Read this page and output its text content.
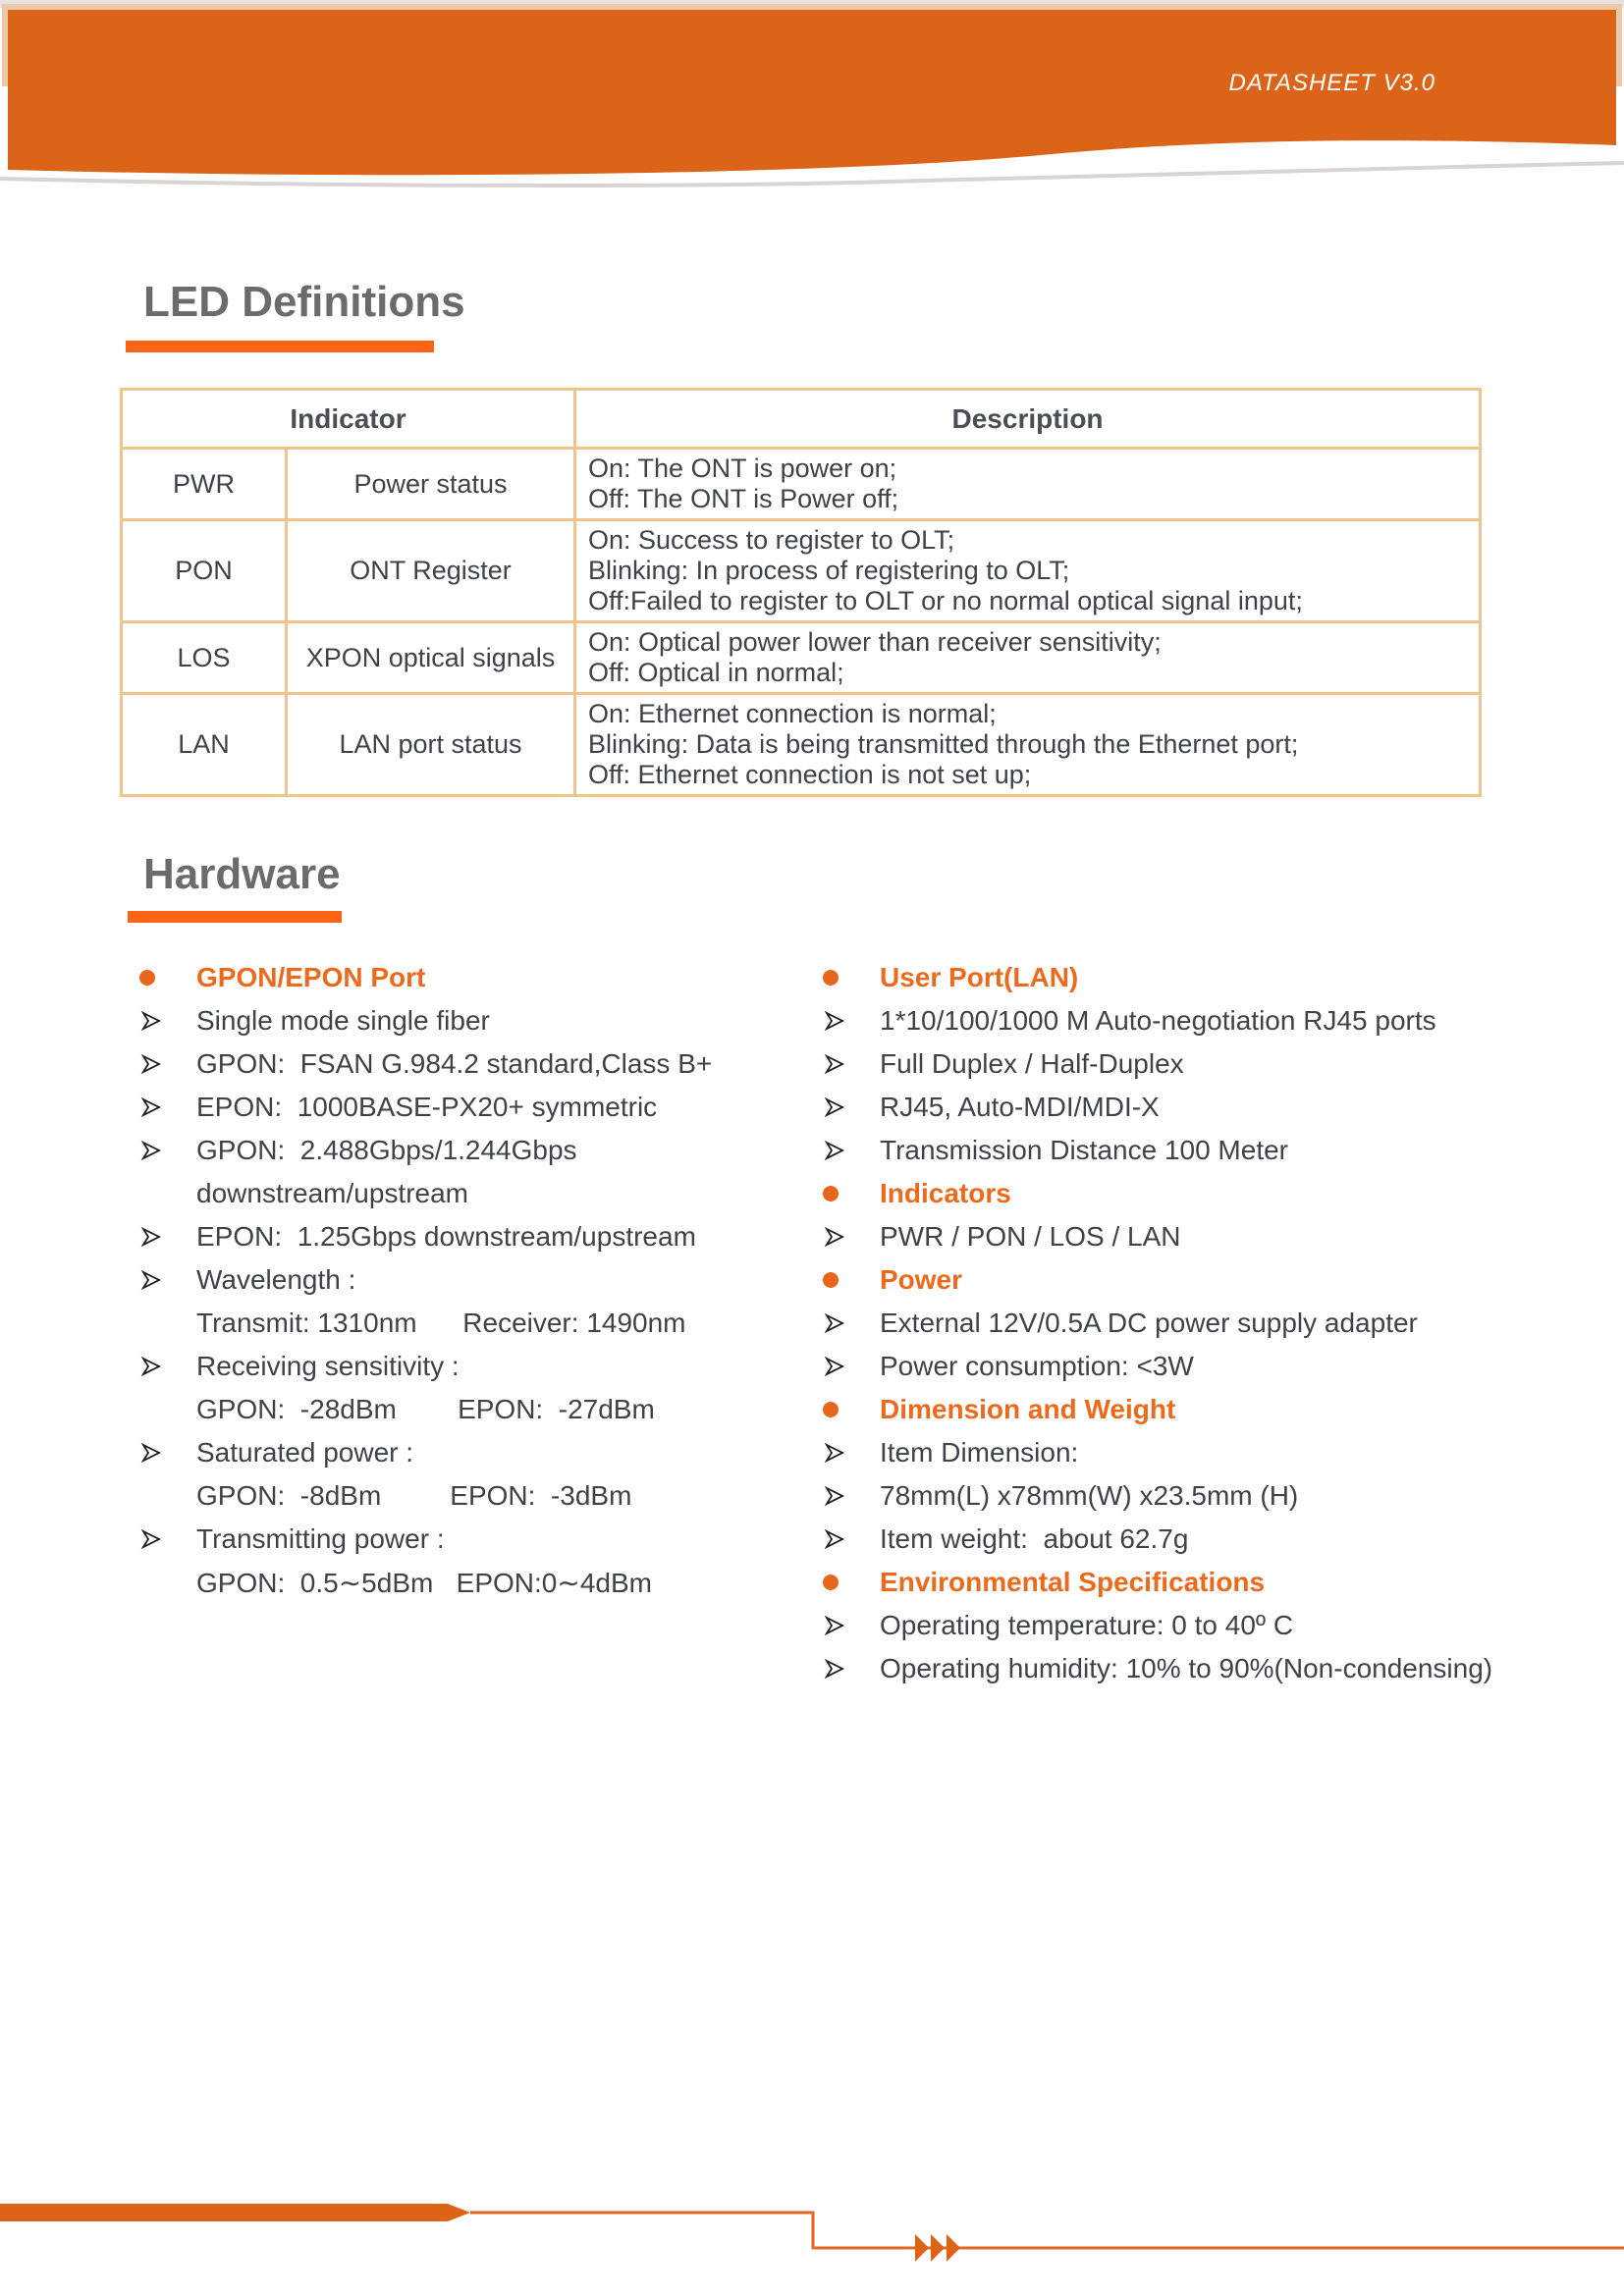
DATASHEET V3.0
LED Definitions
Indicator		Description
PWR	Power status	On: The ONT is power on;
Off: The ONT is Power off;

PON	ONT Register	On: Success to register to OLT;
Blinking: In process of registering to OLT;
Off:Failed to register to OLT or no normal optical signal input;

LOS	XPON optical signals	On: Optical power lower than receiver sensitivity;
Off: Optical in normal;

LAN	LAN port status	On: Ethernet connection is normal;
Blinking: Data is being transmitted through the Ethernet port;
Off: Ethernet connection is not set up;
Hardware
GPON/EPON Port
Single mode single fiber
GPON:  FSAN G.984.2 standard,Class B+
EPON:  1000BASE-PX20+ symmetric
GPON:  2.488Gbps/1.244Gbps
downstream/upstream
EPON:  1.25Gbps downstream/upstream
Wavelength :
Transmit: 1310nm      Receiver: 1490nm
Receiving sensitivity :
GPON:  -28dBm        EPON:  -27dBm
Saturated power :
GPON:  -8dBm         EPON:  -3dBm
Transmitting power :
GPON:  0.5∼5dBm   EPON:0∼4dBm
User Port(LAN)
1*10/100/1000 M Auto-negotiation RJ45 ports
Full Duplex / Half-Duplex
RJ45, Auto-MDI/MDI-X
Transmission Distance 100 Meter
Indicators
PWR / PON / LOS / LAN
Power
External 12V/0.5A DC power supply adapter
Power consumption: <3W
Dimension and Weight
Item Dimension:
78mm(L) x78mm(W) x23.5mm (H)
Item weight:  about 62.7g
Environmental Specifications
Operating temperature: 0 to 40º C
Operating humidity: 10% to 90%(Non-condensing)
